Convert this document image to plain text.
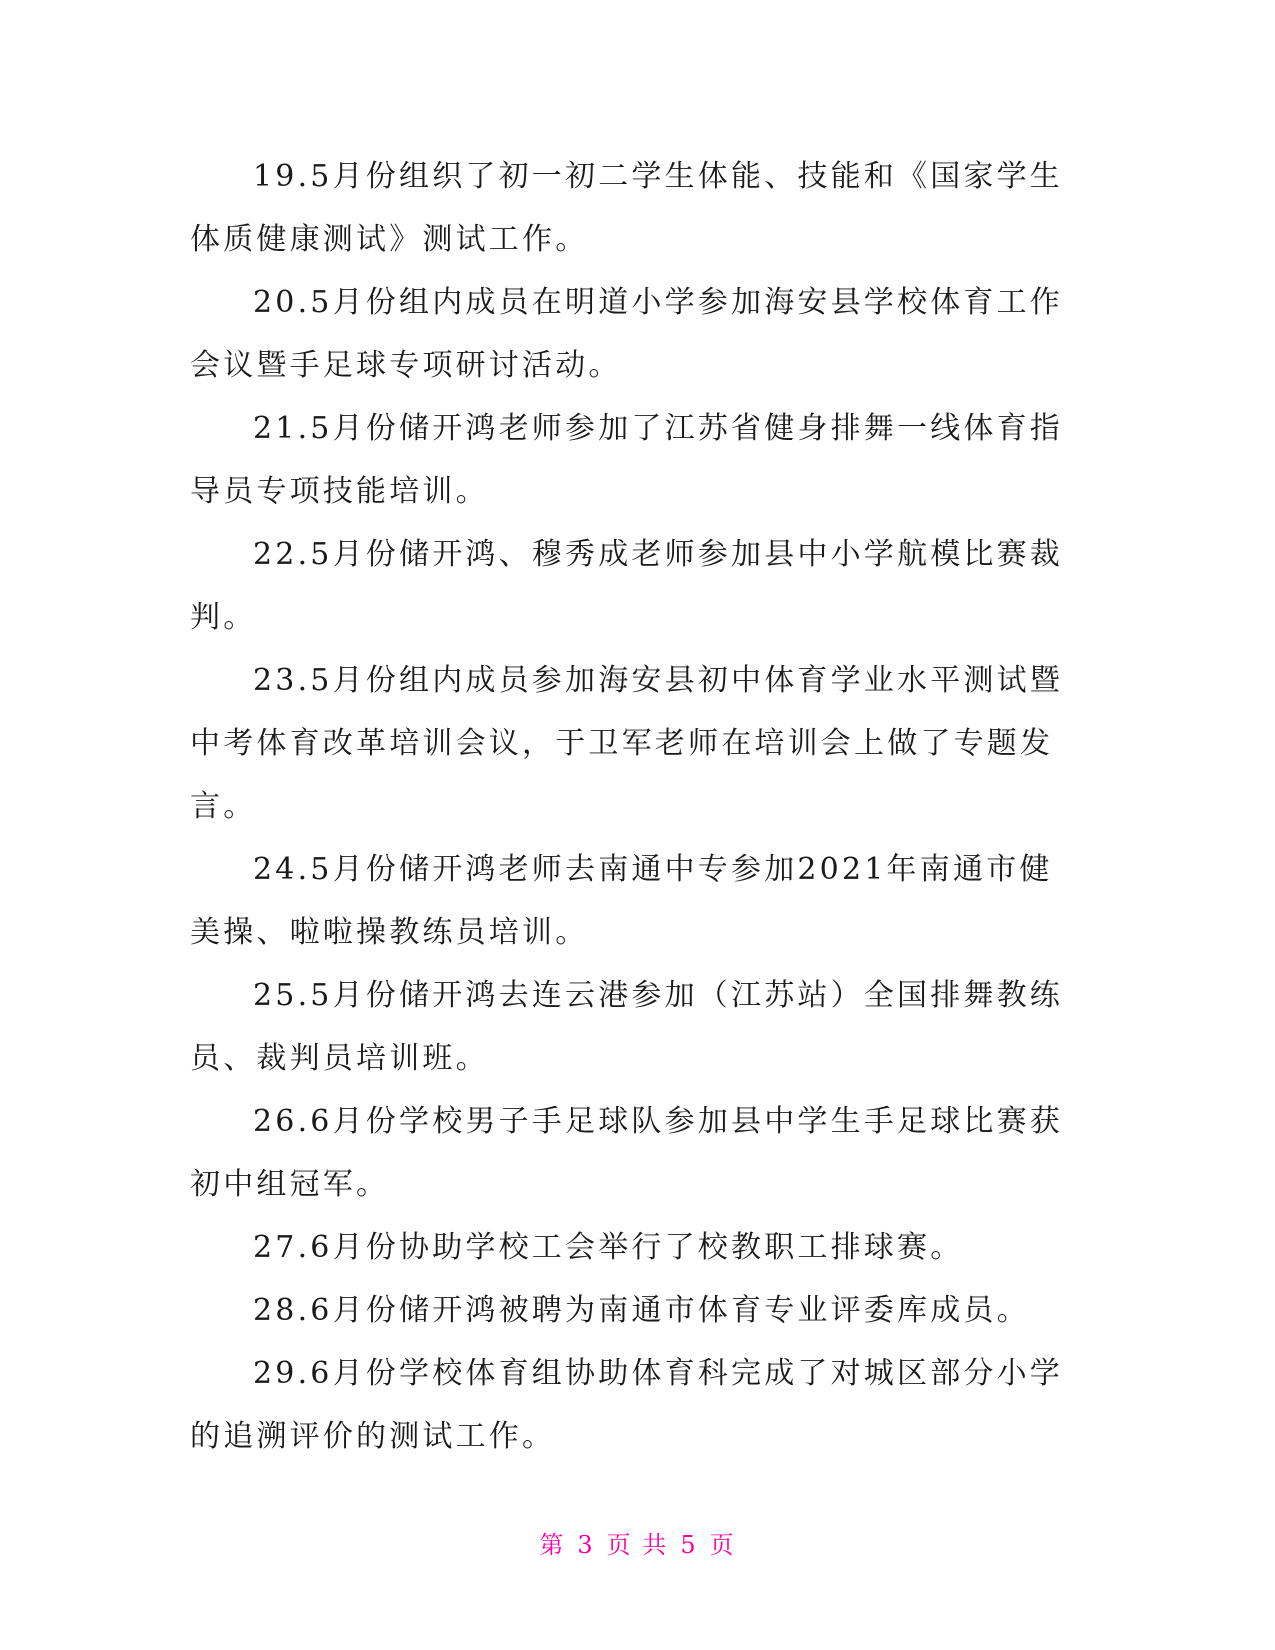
19.5月份组织了初一初二学生体能、技能和《国家学生体质健康测试》测试工作。

20.5月份组内成员在明道小学参加海安县学校体育工作会议暨手足球专项研讨活动。

21.5月份储开鸿老师参加了江苏省健身排舞一线体育指导员专项技能培训。

22.5月份储开鸿、穆秀成老师参加县中小学航模比赛裁判。

23.5月份组内成员参加海安县初中体育学业水平测试暨中考体育改革培训会议，于卫军老师在培训会上做了专题发言。

24.5月份储开鸿老师去南通中专参加2021年南通市健美操、啦啦操教练员培训。

25.5月份储开鸿去连云港参加（江苏站）全国排舞教练员、裁判员培训班。

26.6月份学校男子手足球队参加县中学生手足球比赛获初中组冠军。

27.6月份协助学校工会举行了校教职工排球赛。

28.6月份储开鸿被聘为南通市体育专业评委库成员。

29.6月份学校体育组协助体育科完成了对城区部分小学的追溯评价的测试工作。

第 3 页 共 5 页
